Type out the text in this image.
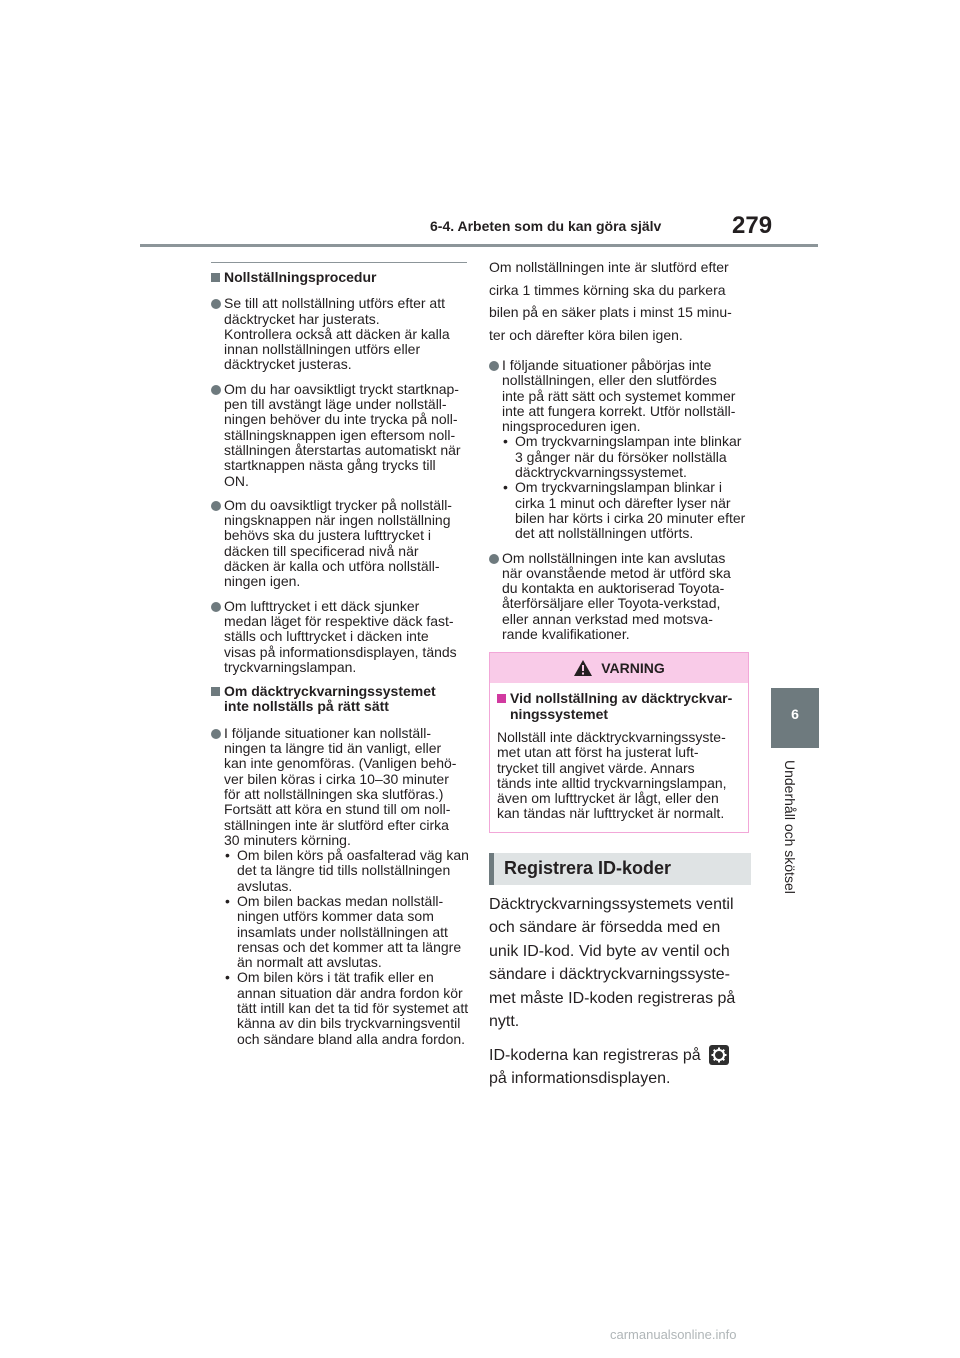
6-4. Arbeten som du kan göra själv	279
6
Underhåll och skötsel
Nollställningsprocedur
Se till att nollställning utförs efter att
däcktrycket har justerats.
Kontrollera också att däcken är kalla
innan nollställningen utförs eller
däcktrycket justeras.
Om du har oavsiktligt tryckt startknap-
pen till avstängt läge under nollställ-
ningen behöver du inte trycka på noll-
ställningsknappen igen eftersom noll-
ställningen återstartas automatiskt när
startknappen nästa gång trycks till
ON.
Om du oavsiktligt trycker på nollställ-
ningsknappen när ingen nollställning
behövs ska du justera lufttrycket i
däcken till specificerad nivå när
däcken är kalla och utföra nollställ-
ningen igen.
Om lufttrycket i ett däck sjunker
medan läget för respektive däck fast-
ställs och lufttrycket i däcken inte
visas på informationsdisplayen, tänds
tryckvarningslampan.
Om däcktryckvarningssystemet
inte nollställs på rätt sätt
I följande situationer kan nollställ-
ningen ta längre tid än vanligt, eller
kan inte genomföras. (Vanligen behö-
ver bilen köras i cirka 10–30 minuter
för att nollställningen ska slutföras.)
Fortsätt att köra en stund till om noll-
ställningen inte är slutförd efter cirka
30 minuters körning.
• Om bilen körs på oasfalterad väg kan
det ta längre tid tills nollställningen
avslutas.
• Om bilen backas medan nollställ-
ningen utförs kommer data som
insamlats under nollställningen att
rensas och det kommer att ta längre
än normalt att avslutas.
• Om bilen körs i tät trafik eller en
annan situation där andra fordon kör
tätt intill kan det ta tid för systemet att
känna av din bils tryckvarningsventil
och sändare bland alla andra fordon.
Om nollställningen inte är slutförd efter
cirka 1 timmes körning ska du parkera
bilen på en säker plats i minst 15 minu-
ter och därefter köra bilen igen.
I följande situationer påbörjas inte
nollställningen, eller den slutfördes
inte på rätt sätt och systemet kommer
inte att fungera korrekt. Utför nollställ-
ningsproceduren igen.
• Om tryckvarningslampan inte blinkar
3 gånger när du försöker nollställa
däcktryckvarningssystemet.
• Om tryckvarningslampan blinkar i
cirka 1 minut och därefter lyser när
bilen har körts i cirka 20 minuter efter
det att nollställningen utförts.
Om nollställningen inte kan avslutas
när ovanstående metod är utförd ska
du kontakta en auktoriserad Toyota-
återförsäljare eller Toyota-verkstad,
eller annan verkstad med motsva-
rande kvalifikationer.
VARNING
Vid nollställning av däcktryckvar-
ningssystemet
Nollställ inte däcktryckvarningssyste-
met utan att först ha justerat luft-
trycket till angivet värde. Annars
tänds inte alltid tryckvarningslampan,
även om lufttrycket är lågt, eller den
kan tändas när lufttrycket är normalt.
Registrera ID-koder
Däcktryckvarningssystemets ventil
och sändare är försedda med en
unik ID-kod. Vid byte av ventil och
sändare i däcktryckvarningssyste-
met måste ID-koden registreras på
nytt.
ID-koderna kan registreras på
på informationsdisplayen.
carmanualsonline.info
